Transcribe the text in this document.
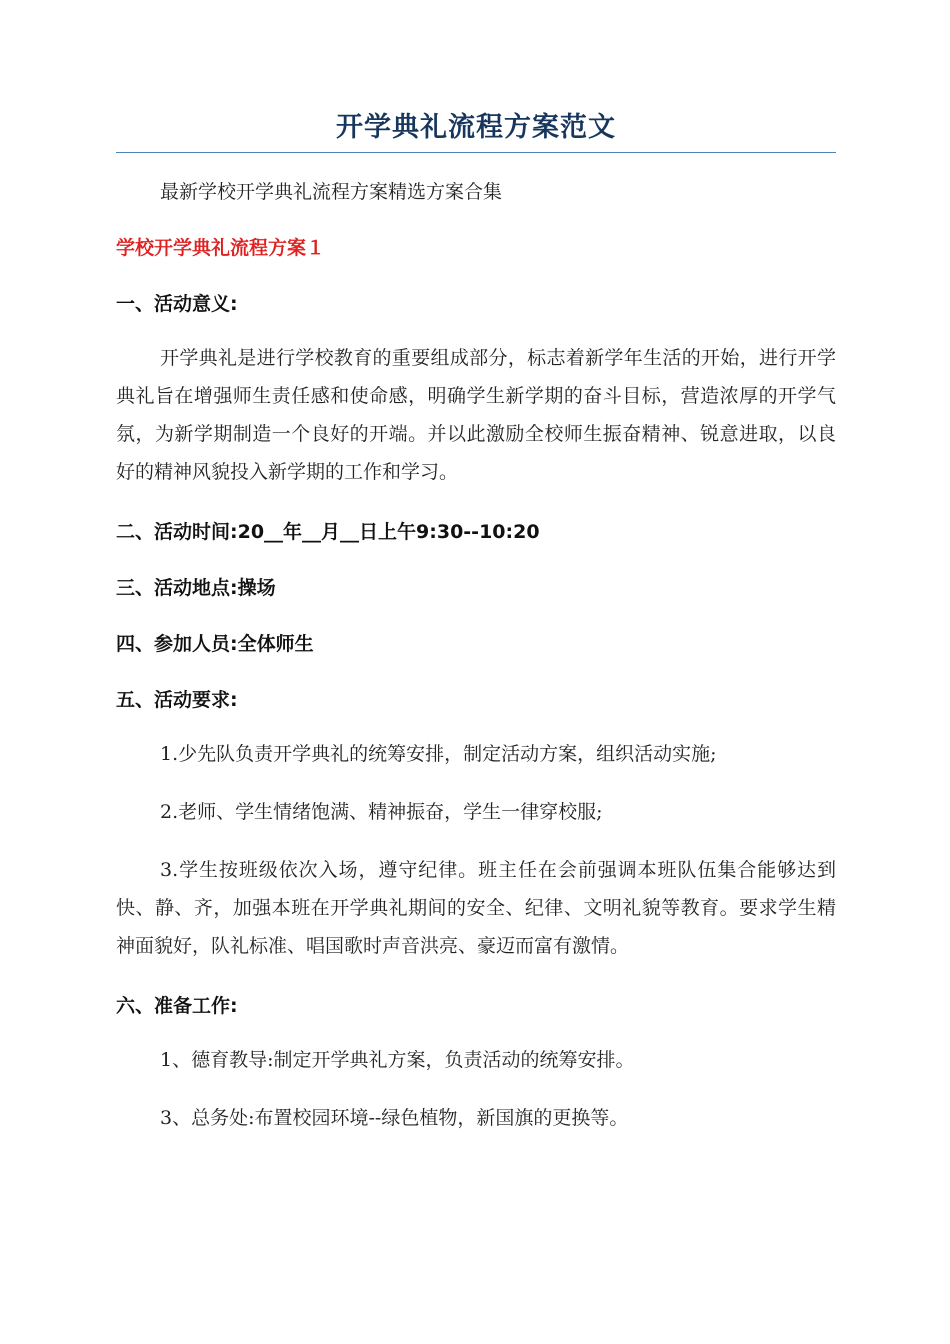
开学典礼流程方案范文

最新学校开学典礼流程方案精选方案合集

学校开学典礼流程方案１

一、活动意义:

开学典礼是进行学校教育的重要组成部分，标志着新学年生活的开始，进行开学典礼旨在增强师生责任感和使命感，明确学生新学期的奋斗目标，营造浓厚的开学气氛，为新学期制造一个良好的开端。并以此激励全校师生振奋精神、锐意进取，以良好的精神风貌投入新学期的工作和学习。

二、活动时间:20__年__月__日上午9:30--10:20

三、活动地点:操场

四、参加人员:全体师生

五、活动要求:

1.少先队负责开学典礼的统筹安排，制定活动方案，组织活动实施;

2.老师、学生情绪饱满、精神振奋，学生一律穿校服;

3.学生按班级依次入场，遵守纪律。班主任在会前强调本班队伍集合能够达到快、静、齐，加强本班在开学典礼期间的安全、纪律、文明礼貌等教育。要求学生精神面貌好，队礼标准、唱国歌时声音洪亮、豪迈而富有激情。

六、准备工作:

1、德育教导:制定开学典礼方案，负责活动的统筹安排。

3、总务处:布置校园环境--绿色植物，新国旗的更换等。
